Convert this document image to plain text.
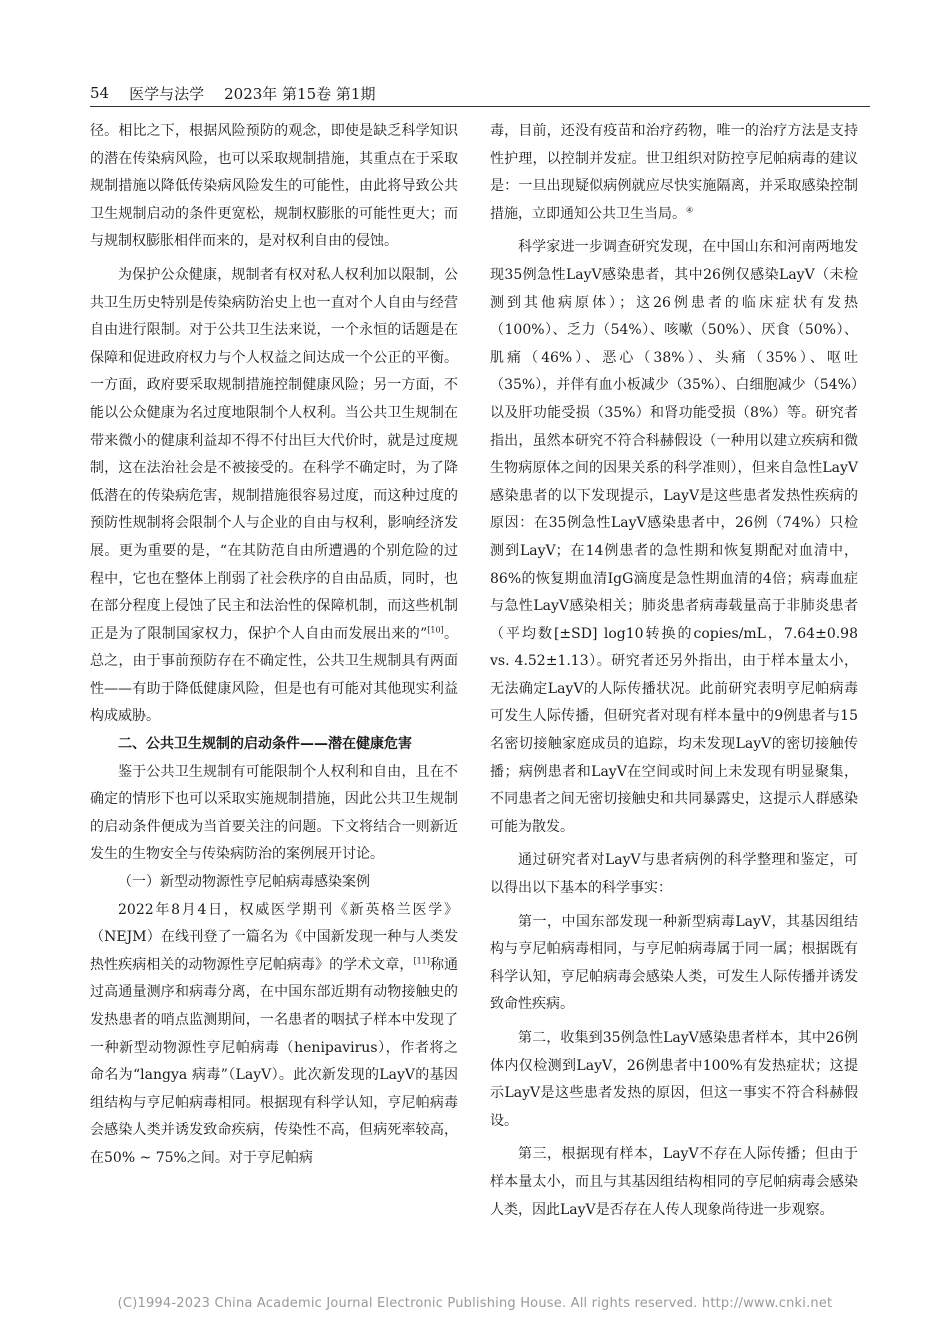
54 医学与法学 2023年 第15卷 第1期

径。相比之下，根据风险预防的观念，即使是缺乏科学知识的潜在传染病风险，也可以采取规制措施，其重点在于采取规制措施以降低传染病风险发生的可能性，由此将导致公共卫生规制启动的条件更宽松，规制权膨胀的可能性更大；而与规制权膨胀相伴而来的，是对权利自由的侵蚀。

为保护公众健康，规制者有权对私人权利加以限制，公共卫生历史特别是传染病防治史上也一直对个人自由与经营自由进行限制。对于公共卫生法来说，一个永恒的话题是在保障和促进政府权力与个人权益之间达成一个公正的平衡。一方面，政府要采取规制措施控制健康风险；另一方面，不能以公众健康为名过度地限制个人权利。当公共卫生规制在带来微小的健康利益却不得不付出巨大代价时，就是过度规制，这在法治社会是不被接受的。在科学不确定时，为了降低潜在的传染病危害，规制措施很容易过度，而这种过度的预防性规制将会限制个人与企业的自由与权利，影响经济发展。更为重要的是，“在其防范自由所遭遇的个别危险的过程中，它也在整体上削弱了社会秩序的自由品质，同时，也在部分程度上侵蚀了民主和法治性的保障机制，而这些机制正是为了限制国家权力，保护个人自由而发展出来的”[10]。总之，由于事前预防存在不确定性，公共卫生规制具有两面性——有助于降低健康风险，但是也有可能对其他现实利益构成威胁。

二、公共卫生规制的启动条件——潜在健康危害

鉴于公共卫生规制有可能限制个人权利和自由，且在不确定的情形下也可以采取实施规制措施，因此公共卫生规制的启动条件便成为当首要关注的问题。下文将结合一则新近发生的生物安全与传染病防治的案例展开讨论。

（一）新型动物源性亨尼帕病毒感染案例

2022年8月4日，权威医学期刊《新英格兰医学》（NEJM）在线刊登了一篇名为《中国新发现一种与人类发热性疾病相关的动物源性亨尼帕病毒》的学术文章，[11]称通过高通量测序和病毒分离，在中国东部近期有动物接触史的发热患者的哨点监测期间，一名患者的咽拭子样本中发现了一种新型动物源性亨尼帕病毒（henipavirus），作者将之命名为“langya 病毒”（LayV）。此次新发现的LayV的基因组结构与亨尼帕病毒相同。根据现有科学认知，亨尼帕病毒会感染人类并诱发致命疾病，传染性不高，但病死率较高，在50% ~ 75%之间。对于亨尼帕病

毒，目前，还没有疫苗和治疗药物，唯一的治疗方法是支持性护理，以控制并发症。世卫组织对防控亨尼帕病毒的建议是：一旦出现疑似病例就应尽快实施隔离，并采取感染控制措施，立即通知公共卫生当局。④

科学家进一步调查研究发现，在中国山东和河南两地发现35例急性LayV感染患者，其中26例仅感染LayV（未检测到其他病原体）；这26例患者的临床症状有发热（100%）、乏力（54%）、咳嗽（50%）、厌食（50%）、肌痛（46%）、恶心（38%）、头痛（35%）、呕吐（35%），并伴有血小板减少（35%）、白细胞减少（54%）以及肝功能受损（35%）和肾功能受损（8%）等。研究者指出，虽然本研究不符合科赫假设（一种用以建立疾病和微生物病原体之间的因果关系的科学准则），但来自急性LayV感染患者的以下发现提示，LayV是这些患者发热性疾病的原因：在35例急性LayV感染患者中，26例（74%）只检测到LayV；在14例患者的急性期和恢复期配对血清中，86%的恢复期血清IgG滴度是急性期血清的4倍；病毒血症与急性LayV感染相关；肺炎患者病毒载量高于非肺炎患者（平均数[±SD] log10转换的copies/mL，7.64±0.98 vs. 4.52±1.13）。研究者还另外指出，由于样本量太小，无法确定LayV的人际传播状况。此前研究表明亨尼帕病毒可发生人际传播，但研究者对现有样本量中的9例患者与15名密切接触家庭成员的追踪，均未发现LayV的密切接触传播；病例患者和LayV在空间或时间上未发现有明显聚集，不同患者之间无密切接触史和共同暴露史，这提示人群感染可能为散发。

通过研究者对LayV与患者病例的科学整理和鉴定，可以得出以下基本的科学事实：

第一，中国东部发现一种新型病毒LayV，其基因组结构与亨尼帕病毒相同，与亨尼帕病毒属于同一属；根据既有科学认知，亨尼帕病毒会感染人类，可发生人际传播并诱发致命性疾病。

第二，收集到35例急性LayV感染患者样本，其中26例体内仅检测到LayV，26例患者中100%有发热症状；这提示LayV是这些患者发热的原因，但这一事实不符合科赫假设。

第三，根据现有样本，LayV不存在人际传播；但由于样本量太小，而且与其基因组结构相同的亨尼帕病毒会感染人类，因此LayV是否存在人传人现象尚待进一步观察。

(C)1994-2023 China Academic Journal Electronic Publishing House. All rights reserved. http://www.cnki.net
